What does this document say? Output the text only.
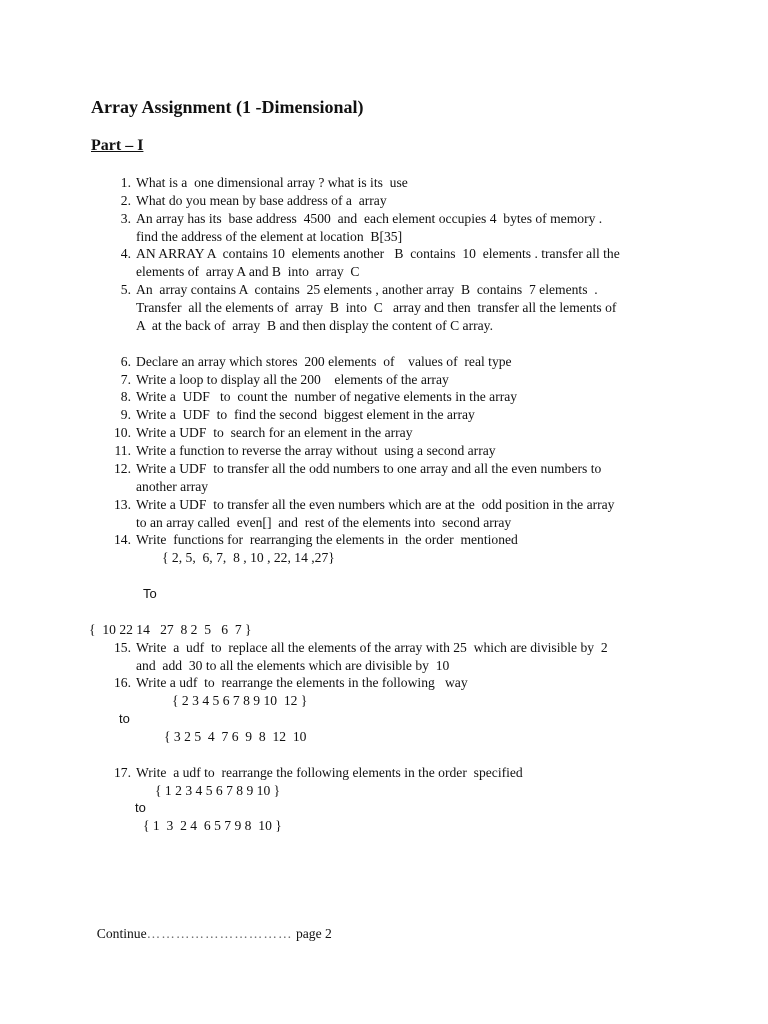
Array Assignment (1 -Dimensional)
Part – I
1. What is a  one dimensional array ? what is its  use
2. What do you mean by base address of a  array
3. An array has its  base address  4500  and  each element occupies 4  bytes of memory .
find the address of the element at location  B[35]
4. AN ARRAY A  contains 10  elements another   B  contains  10  elements . transfer all the
elements of  array A and B  into  array  C
5. An  array contains A  contains  25 elements , another array  B  contains  7 elements  .
Transfer  all the elements of  array  B  into  C   array and then  transfer all the lements of
A  at the back of  array  B and then display the content of C array.
6. Declare an array which stores  200 elements  of    values of  real type
7. Write a loop to display all the 200    elements of the array
8. Write a  UDF   to  count the  number of negative elements in the array
9. Write a  UDF  to  find the second  biggest element in the array
10. Write a UDF  to  search for an element in the array
11. Write a function to reverse the array without  using a second array
12. Write a UDF  to transfer all the odd numbers to one array and all the even numbers to
another array
13. Write a UDF  to transfer all the even numbers which are at the  odd position in the array
to an array called  even[]  and  rest of the elements into  second array
14. Write  functions for  rearranging the elements in  the order  mentioned
{ 2, 5,  6, 7,  8 , 10 , 22, 14 ,27}
To
{  10 22 14   27  8 2  5   6  7 }
15. Write  a  udf  to  replace all the elements of the array with 25  which are divisible by  2
and  add  30 to all the elements which are divisible by  10
16. Write a udf  to  rearrange the elements in the following   way
{ 2 3 4 5 6 7 8 9 10  12 }
to
{ 3 2 5  4  7 6  9  8  12  10
17. Write  a udf to  rearrange the following elements in the order  specified
{ 1 2 3 4 5 6 7 8 9 10 }
to
{ 1  3  2 4  6 5 7 9 8  10 }

Continue………………………… page 2
